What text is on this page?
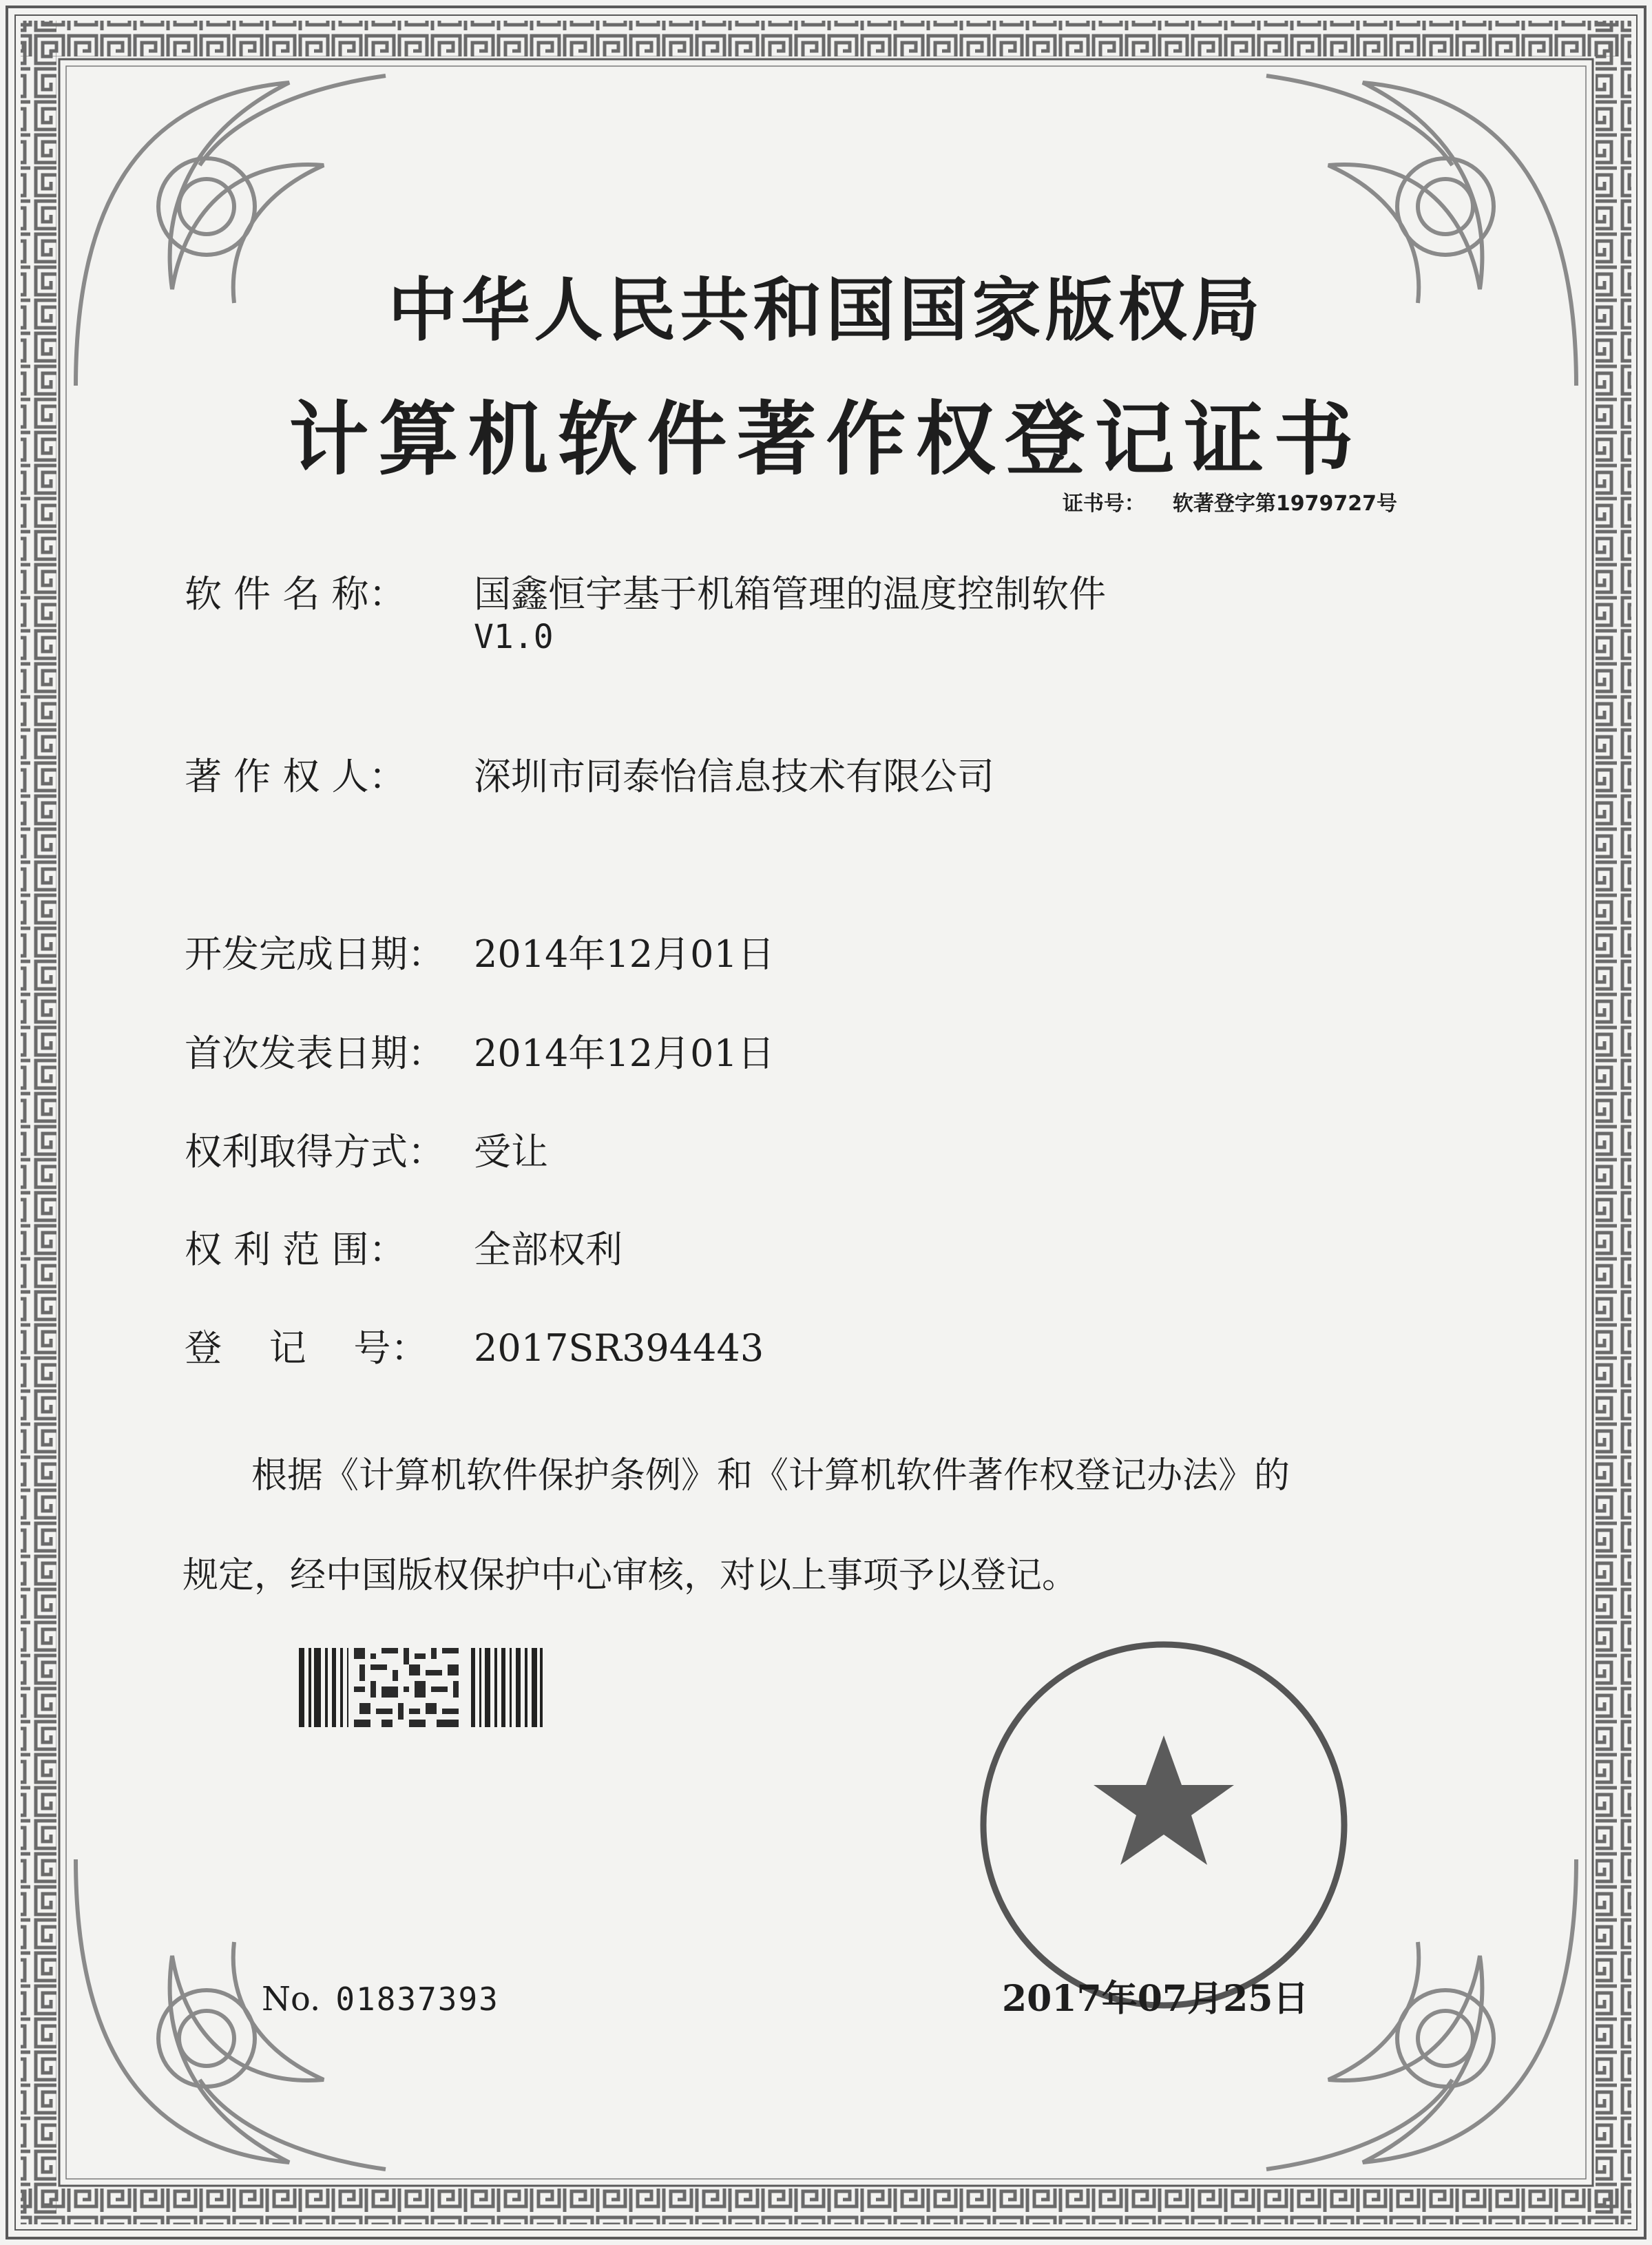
中华人民共和国国家版权局
计算机软件著作权登记证书
证书号： 软著登字第1979727号
软 件 名 称： 国鑫恒宇基于机箱管理的温度控制软件
V1.0
著 作 权 人： 深圳市同泰怡信息技术有限公司
开发完成日期： 2014年12月01日
首次发表日期： 2014年12月01日
权利取得方式： 受让
权 利 范 围： 全部权利
登    记    号： 2017SR394443
根据《计算机软件保护条例》和《计算机软件著作权登记办法》的
规定，经中国版权保护中心审核，对以上事项予以登记。
No. 01837393	2017年07月25日
